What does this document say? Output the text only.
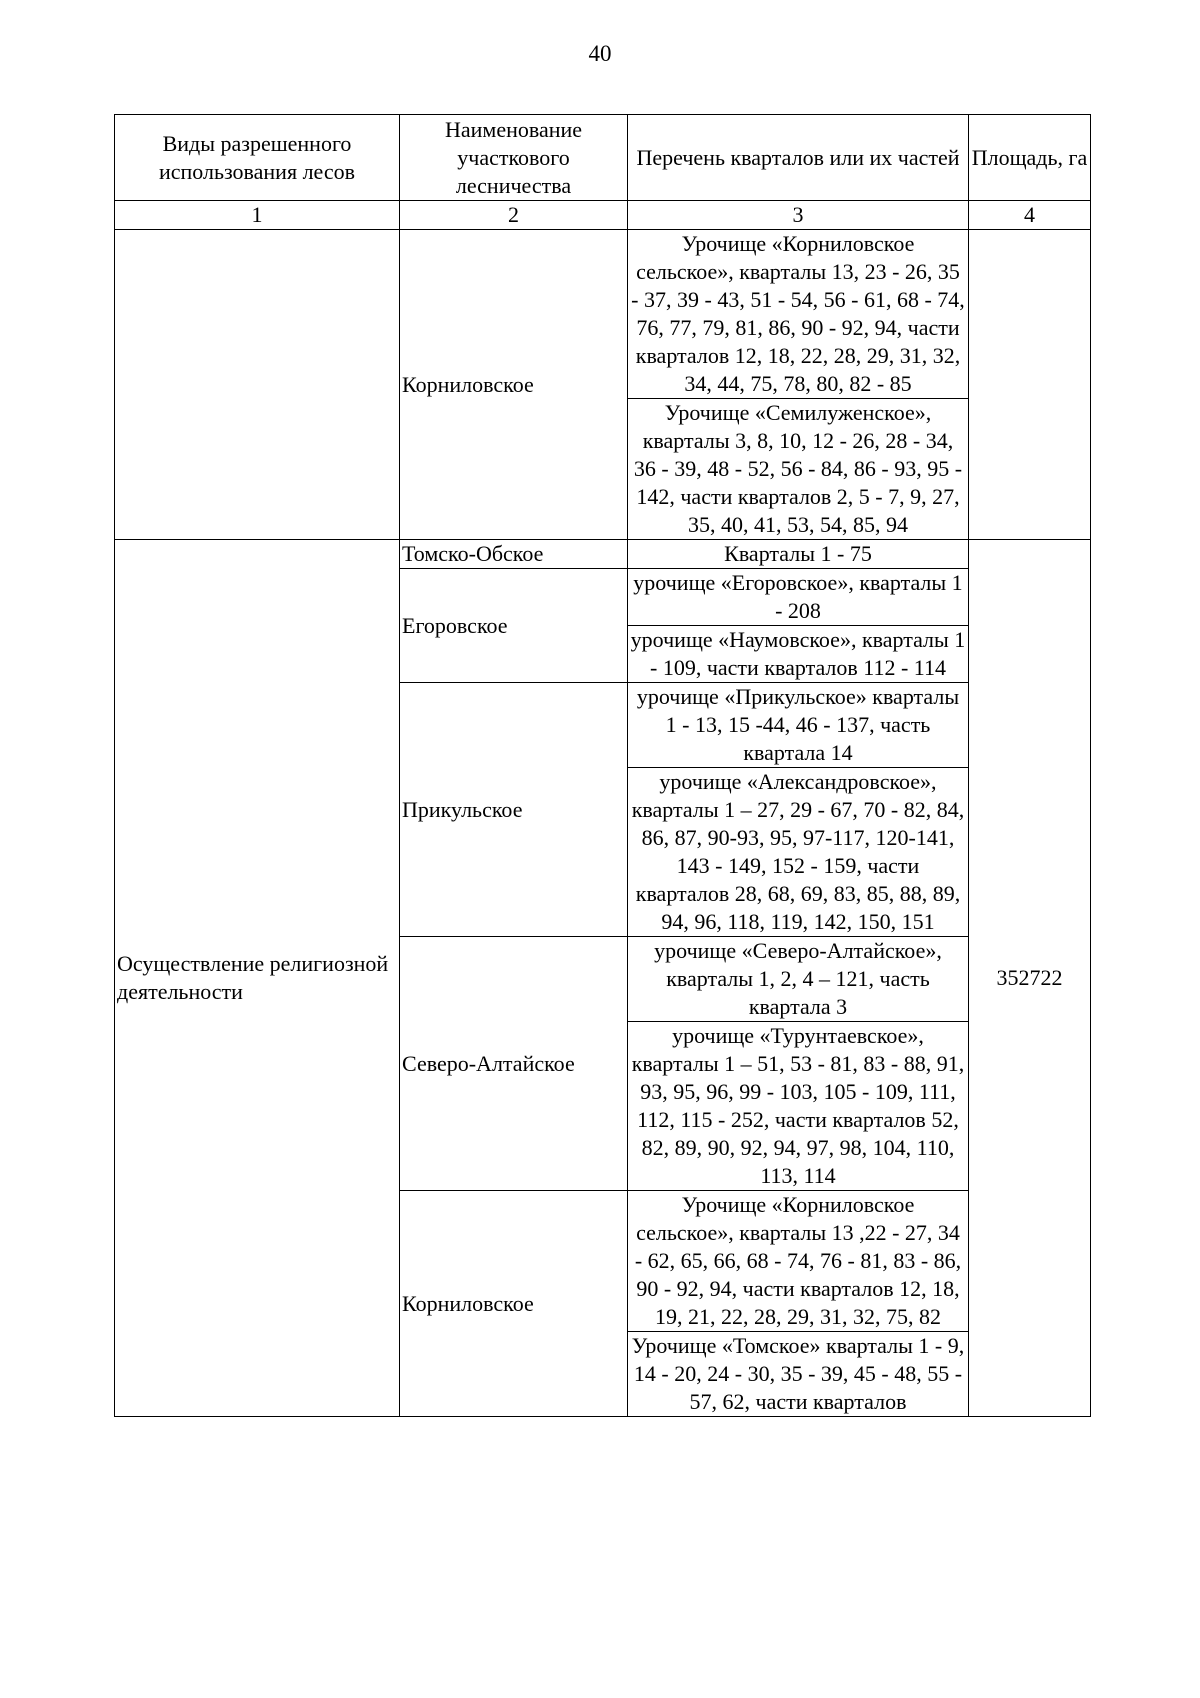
40
Виды разрешенного использования лесов	Наименование участкового лесничества	Перечень кварталов или их частей	Площадь, га
1	2	3	4
	Корниловское	Урочище «Корниловское сельское», кварталы 13, 23 - 26, 35 - 37, 39 - 43, 51 - 54, 56 - 61, 68 - 74, 76, 77, 79, 81, 86, 90 - 92, 94, части кварталов 12, 18, 22, 28, 29, 31, 32, 34, 44, 75, 78, 80, 82 - 85	
		Урочище «Семилуженское», кварталы 3, 8, 10, 12 - 26, 28 - 34, 36 - 39, 48 - 52, 56 - 84, 86 - 93, 95 - 142, части кварталов 2, 5 - 7, 9, 27, 35, 40, 41, 53, 54, 85, 94	
Осуществление религиозной деятельности	Томско-Обское	Кварталы 1 - 75	352722
	Егоровское	урочище «Егоровское», кварталы 1 - 208	
		урочище «Наумовское», кварталы 1 - 109, части кварталов 112 - 114	
	Прикульское	урочище «Прикульское» кварталы 1 - 13, 15 -44, 46 - 137, часть квартала 14	
		урочище «Александровское», кварталы 1 – 27, 29 - 67, 70 - 82, 84, 86, 87, 90-93, 95, 97-117, 120-141, 143 - 149, 152 - 159, части кварталов 28, 68, 69, 83, 85, 88, 89, 94, 96, 118, 119, 142, 150, 151	
	Северо-Алтайское	урочище «Северо-Алтайское», кварталы 1, 2, 4 – 121, часть квартала 3	
		урочище «Турунтаевское», кварталы 1 – 51, 53 - 81, 83 - 88, 91, 93, 95, 96, 99 - 103, 105 - 109, 111, 112, 115 - 252, части кварталов 52, 82, 89, 90, 92, 94, 97, 98, 104, 110, 113, 114	
	Корниловское	Урочище «Корниловское сельское», кварталы 13 ,22 - 27, 34 - 62, 65, 66, 68 - 74, 76 - 81, 83 - 86, 90 - 92, 94, части кварталов 12, 18, 19, 21, 22, 28, 29, 31, 32, 75, 82	
		Урочище «Томское» кварталы 1 - 9, 14 - 20, 24 - 30, 35 - 39, 45 - 48, 55 - 57, 62, части кварталов	
